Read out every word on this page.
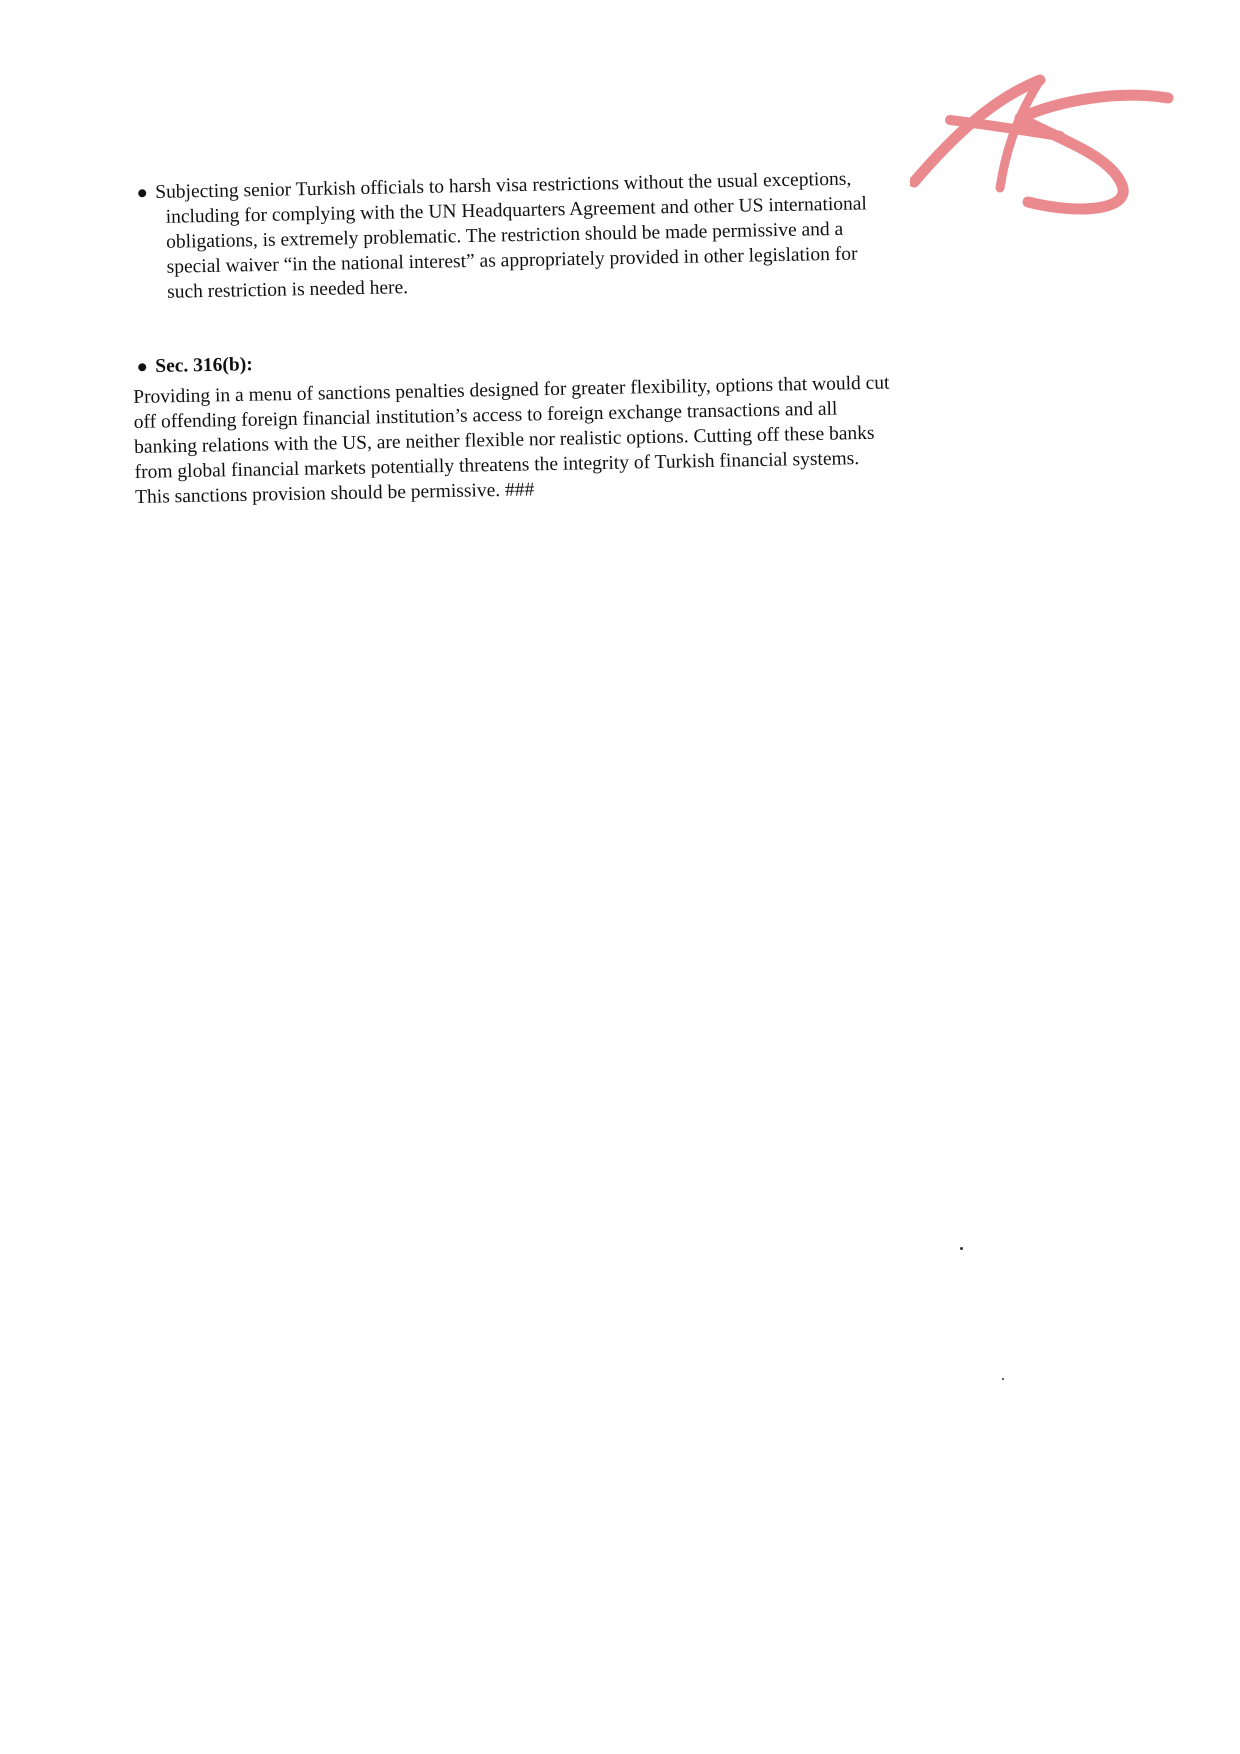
Subjecting senior Turkish officials to harsh visa restrictions without the usual exceptions,
including for complying with the UN Headquarters Agreement and other US international
obligations, is extremely problematic. The restriction should be made permissive and a
special waiver “in the national interest” as appropriately provided in other legislation for
such restriction is needed here.
Sec. 316(b):

Providing in a menu of sanctions penalties designed for greater flexibility, options that would cut
off offending foreign financial institution’s access to foreign exchange transactions and all
banking relations with the US, are neither flexible nor realistic options. Cutting off these banks
from global financial markets potentially threatens the integrity of Turkish financial systems.
This sanctions provision should be permissive. ###
